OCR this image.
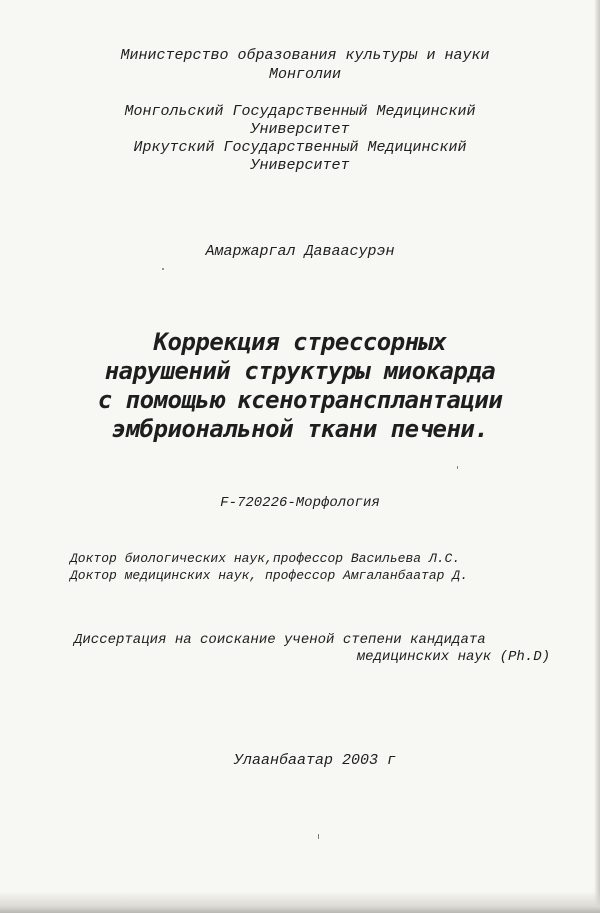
Министерство образования культуры и науки
Монголии
Монгольский Государственный Медицинский
Университет
Иркутский Государственный Медицинский
Университет
Амаржаргал Даваасурэн
Коррекция стрессорных
нарушений структуры миокарда
с помощью ксенотрансплантации
эмбриональной ткани печени.
F-720226-Морфология
Доктор биологических наук,профессор Васильева Л.С.
Доктор медицинских наук, профессор Амгаланбаатар Д.
Диссертация на соискание ученой степени кандидата
медицинских наук (Ph.D)
Улаанбаатар 2003 г
